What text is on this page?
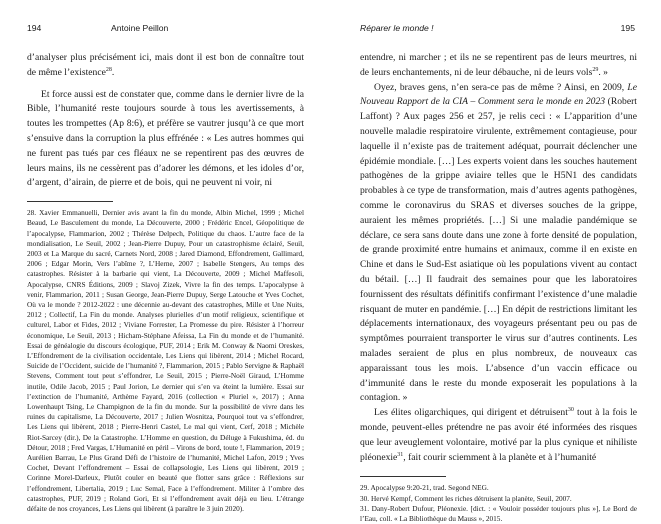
194	Antoine Peillon

d’analyser plus précisément ici, mais dont il est bon de connaître tout de même l’existence$^{28}$.

Et force aussi est de constater que, comme dans le dernier livre de la Bible, l’humanité reste toujours sourde à tous les avertissements, à toutes les trompettes (Ap 8:6), et préfère se vautrer jusqu’à ce que mort s’ensuive dans la corruption la plus effrénée : « Les autres hommes qui ne furent pas tués par ces fléaux ne se repentirent pas des œuvres de leurs mains, ils ne cessèrent pas d’adorer les démons, et les idoles d’or, d’argent, d’airain, de pierre et de bois, qui ne peuvent ni voir, ni

28. Xavier Emmanuelli, Dernier avis avant la fin du monde, Albin Michel, 1999 ; Michel Beaud, Le Basculement du monde, La Découverte, 2000 ; Frédéric Encel, Géopolitique de l’apocalypse, Flammarion, 2002 ; Thérèse Delpech, Politique du chaos. L’autre face de la mondialisation, Le Seuil, 2002 ; Jean-Pierre Dupuy, Pour un catastrophisme éclairé, Seuil, 2003 et La Marque du sacré, Carnets Nord, 2008 ; Jared Diamond, Effondrement, Gallimard, 2006 ; Edgar Morin, Vers l’abîme ?, L’Herne, 2007 ; Isabelle Stengers, Au temps des catastrophes. Résister à la barbarie qui vient, La Découverte, 2009 ; Michel Maffesoli, Apocalypse, CNRS Éditions, 2009 ; Slavoj Zizek, Vivre la fin des temps. L’apocalypse à venir, Flammarion, 2011 ; Susan George, Jean-Pierre Dupuy, Serge Latouche et Yves Cochet, Où va le monde ? 2012-2022 : une décennie au-devant des catastrophes, Mille et Une Nuits, 2012 ; Collectif, La Fin du monde. Analyses plurielles d’un motif religieux, scientifique et culturel, Labor et Fides, 2012 ; Viviane Forrester, La Promesse du pire. Résister à l’horreur économique, Le Seuil, 2013 ; Hicham-Stéphane Afeissa, La Fin du monde et de l’humanité. Essai de généalogie du discours écologique, PUF, 2014 ; Erik M. Conway & Naomi Oreskes, L’Effondrement de la civilisation occidentale, Les Liens qui libèrent, 2014 ; Michel Rocard, Suicide de l’Occident, suicide de l’humanité ?, Flammarion, 2015 ; Pablo Servigne & Raphaël Stevens, Comment tout peut s’effondrer, Le Seuil, 2015 ; Pierre-Noël Giraud, L’Homme inutile, Odile Jacob, 2015 ; Paul Jorion, Le dernier qui s’en va éteint la lumière. Essai sur l’extinction de l’humanité, Arthème Fayard, 2016 (collection « Pluriel », 2017) ; Anna Lowenhaupt Tsing, Le Champignon de la fin du monde. Sur la possibilité de vivre dans les ruines du capitalisme, La Découverte, 2017 ; Julien Wosnitza, Pourquoi tout va s’effondrer, Les Liens qui libèrent, 2018 ; Pierre-Henri Castel, Le mal qui vient, Cerf, 2018 ; Michèle Riot-Sarcey (dir.), De la Catastrophe. L’Homme en question, du Déluge à Fukushima, éd. du Détour, 2018 ; Fred Vargas, L’Humanité en péril – Virons de bord, toute !, Flammarion, 2019 ; Aurélien Barrau, Le Plus Grand Défi de l’histoire de l’humanité, Michel Lafon, 2019 ; Yves Cochet, Devant l’effondrement – Essai de collapsologie, Les Liens qui libèrent, 2019 ; Corinne Morel-Darleux, Plutôt couler en beauté que flotter sans grâce : Réflexions sur l’effondrement, Libertalia, 2019 ; Luc Semal, Face à l’effondrement. Militer à l’ombre des catastrophes, PUF, 2019 ; Roland Gori, Et si l’effondrement avait déjà eu lieu. L’étrange défaite de nos croyances, Les Liens qui libèrent (à paraître le 3 juin 2020).

Réparer le monde !	195

entendre, ni marcher ; et ils ne se repentirent pas de leurs meurtres, ni de leurs enchantements, ni de leur débauche, ni de leurs vols$^{29}$. »

Oyez, braves gens, n’en sera-ce pas de même ? Ainsi, en 2009, Le Nouveau Rapport de la CIA – Comment sera le monde en 2023 (Robert Laffont) ? Aux pages 256 et 257, je relis ceci : « L’apparition d’une nouvelle maladie respiratoire virulente, extrêmement contagieuse, pour laquelle il n’existe pas de traitement adéquat, pourrait déclencher une épidémie mondiale. […] Les experts voient dans les souches hautement pathogènes de la grippe aviaire telles que le H5N1 des candidats probables à ce type de transformation, mais d’autres agents pathogènes, comme le coronavirus du SRAS et diverses souches de la grippe, auraient les mêmes propriétés. […] Si une maladie pandémique se déclare, ce sera sans doute dans une zone à forte densité de population, de grande proximité entre humains et animaux, comme il en existe en Chine et dans le Sud-Est asiatique où les populations vivent au contact du bétail. […] Il faudrait des semaines pour que les laboratoires fournissent des résultats définitifs confirmant l’existence d’une maladie risquant de muter en pandémie. […] En dépit de restrictions limitant les déplacements internationaux, des voyageurs présentant peu ou pas de symptômes pourraient transporter le virus sur d’autres continents. Les malades seraient de plus en plus nombreux, de nouveaux cas apparaissant tous les mois. L’absence d’un vaccin efficace ou d’immunité dans le reste du monde exposerait les populations à la contagion. »

Les élites oligarchiques, qui dirigent et détruisent$^{30}$ tout à la fois le monde, peuvent-elles prétendre ne pas avoir été informées des risques que leur aveuglement volontaire, motivé par la plus cynique et nihiliste pléonexie$^{31}$, fait courir sciemment à la planète et à l’humanité

29. Apocalypse 9:20-21, trad. Segond NEG.

30. Hervé Kempf, Comment les riches détruisent la planète, Seuil, 2007.

31. Dany-Robert Dufour, Pléonexie. [dict. : « Vouloir posséder toujours plus »], Le Bord de l’Eau, coll. « La Bibliothèque du Mauss », 2015.
